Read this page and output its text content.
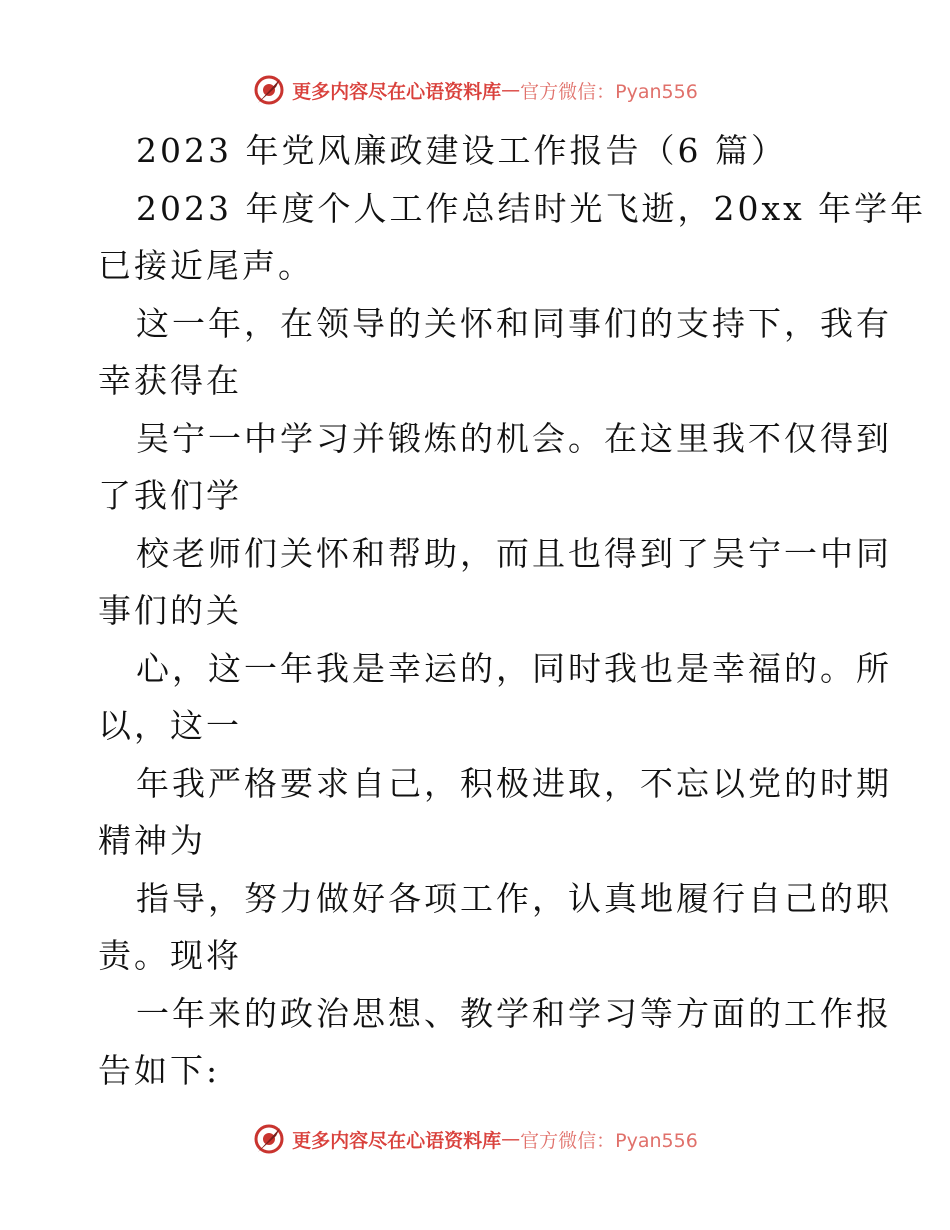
更多内容尽在心语资料库 — 官方微信：Pyan556
2023 年党风廉政建设工作报告（6 篇）
2023 年度个人工作总结时光飞逝，20xx 年学年
已接近尾声。
这一年，在领导的关怀和同事们的支持下，我有
幸获得在
吴宁一中学习并锻炼的机会。在这里我不仅得到
了我们学
校老师们关怀和帮助，而且也得到了吴宁一中同
事们的关
心，这一年我是幸运的，同时我也是幸福的。所
以，这一
年我严格要求自己，积极进取，不忘以党的时期
精神为
指导，努力做好各项工作，认真地履行自己的职
责。现将
一年来的政治思想、教学和学习等方面的工作报
告如下:
更多内容尽在心语资料库 — 官方微信：Pyan556
